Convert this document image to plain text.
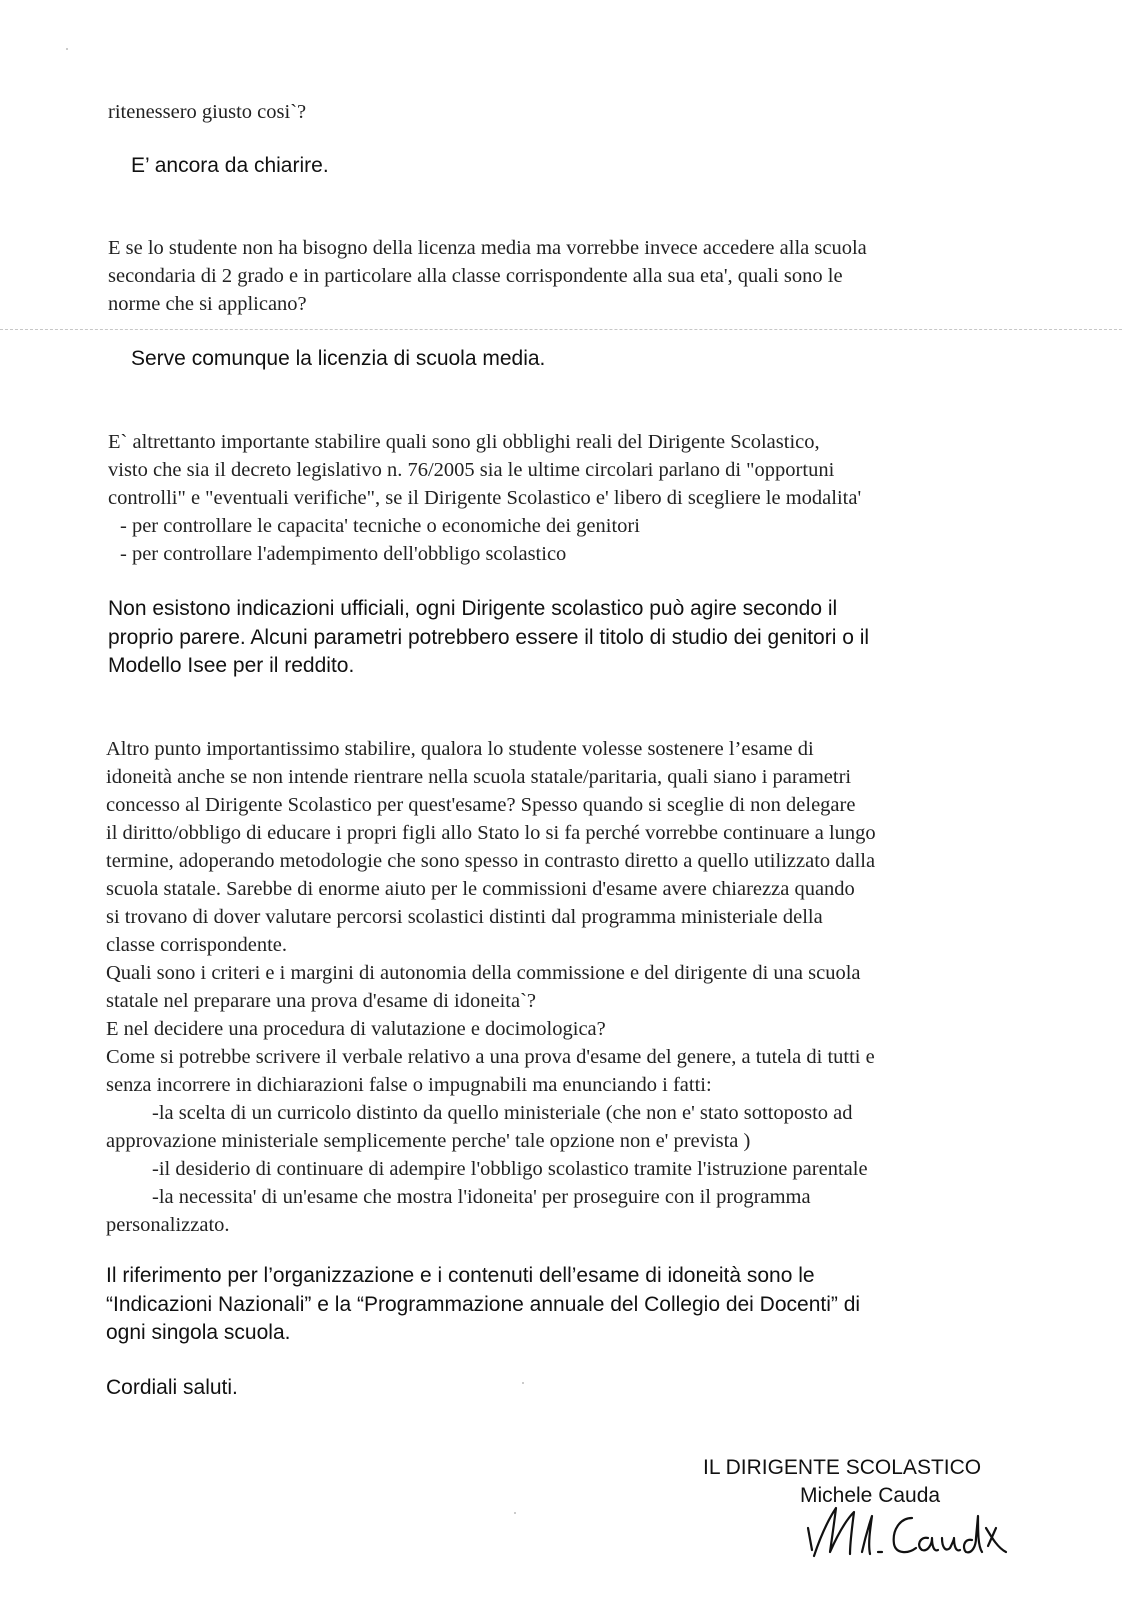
ritenessero giusto cosi`?
E’ ancora da chiarire.
E se lo studente non ha bisogno della licenza media ma vorrebbe invece accedere alla scuola
secondaria di 2 grado e in particolare alla classe corrispondente alla sua eta', quali sono le
norme che si applicano?
Serve comunque la licenzia di scuola media.
E` altrettanto importante stabilire quali sono gli obblighi reali del Dirigente Scolastico,
visto che sia il decreto legislativo n. 76/2005 sia le ultime circolari parlano di "opportuni
controlli" e "eventuali verifiche", se il Dirigente Scolastico e' libero di scegliere le modalita'
- per controllare le capacita' tecniche o economiche dei genitori
- per controllare l'adempimento dell'obbligo scolastico
Non esistono indicazioni ufficiali, ogni Dirigente scolastico può agire secondo il
proprio parere. Alcuni parametri potrebbero essere il titolo di studio dei genitori o il
Modello Isee per il reddito.
Altro punto importantissimo stabilire, qualora lo studente volesse sostenere l’esame di
idoneità anche se non intende rientrare nella scuola statale/paritaria, quali siano i parametri
concesso al Dirigente Scolastico per quest'esame? Spesso quando si sceglie di non delegare
il diritto/obbligo di educare i propri figli allo Stato lo si fa perché vorrebbe continuare a lungo
termine, adoperando metodologie che sono spesso in contrasto diretto a quello utilizzato dalla
scuola statale. Sarebbe di enorme aiuto per le commissioni d'esame avere chiarezza quando
si trovano di dover valutare percorsi scolastici distinti dal programma ministeriale della
classe corrispondente.
Quali sono i criteri e i margini di autonomia della commissione e del dirigente di una scuola
statale nel preparare una prova d'esame di idoneita`?
E nel decidere una procedura di valutazione e docimologica?
Come si potrebbe scrivere il verbale relativo a una prova d'esame del genere, a tutela di tutti e
senza incorrere in dichiarazioni false o impugnabili ma enunciando i fatti:
-la scelta di un curricolo distinto da quello ministeriale (che non e' stato sottoposto ad
approvazione ministeriale semplicemente perche' tale opzione non e' prevista )
-il desiderio di continuare di adempire l'obbligo scolastico tramite l'istruzione parentale
-la necessita' di un'esame che mostra l'idoneita' per proseguire con il programma
personalizzato.
Il riferimento per l’organizzazione e i contenuti dell’esame di idoneità sono le
“Indicazioni Nazionali” e la “Programmazione annuale del Collegio dei Docenti” di
ogni singola scuola.
Cordiali saluti.
IL DIRIGENTE SCOLASTICO
Michele Cauda
